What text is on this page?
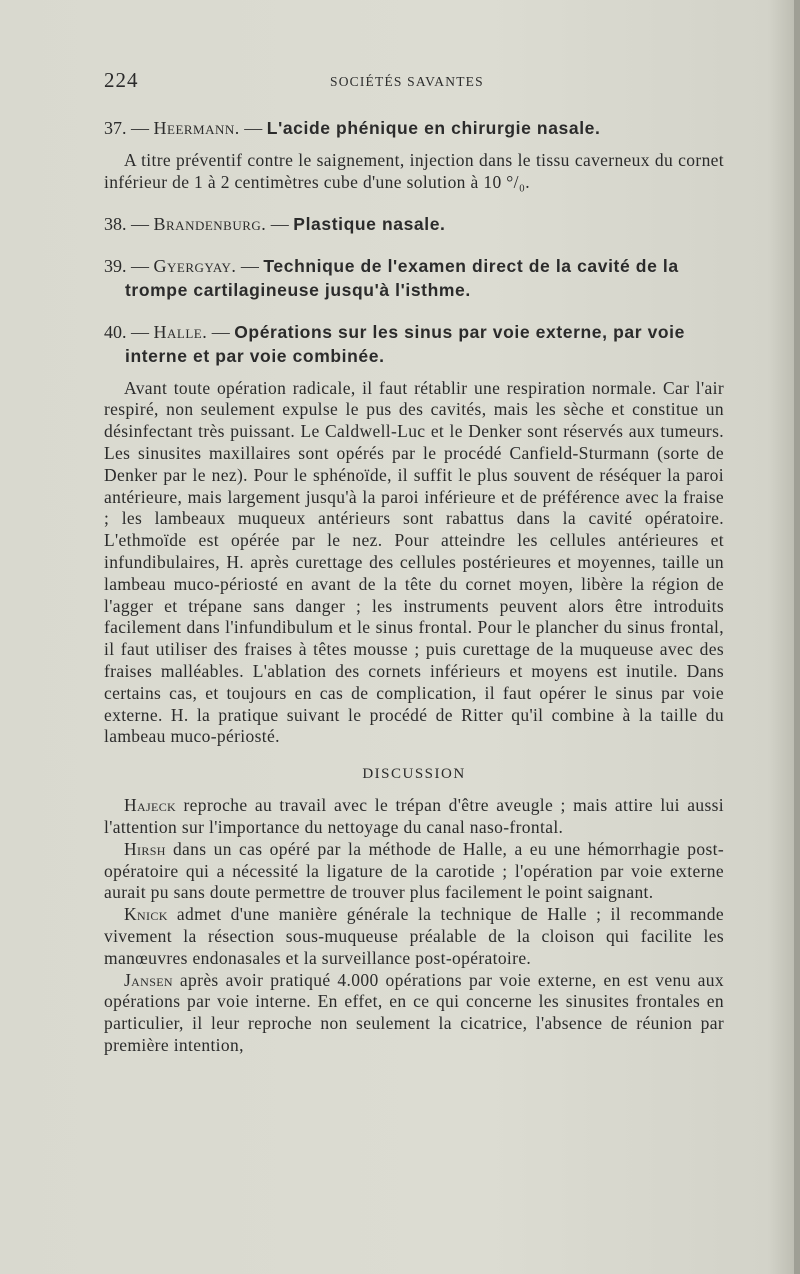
224	SOCIÉTÉS SAVANTES

37. — Heermann. — L'acide phénique en chirurgie nasale.

A titre préventif contre le saignement, injection dans le tissu caverneux du cornet inférieur de 1 à 2 centimètres cube d'une solution à 10 °/₀.

38. — Brandenburg. — Plastique nasale.

39. — Gyergyay. — Technique de l'examen direct de la cavité de la trompe cartilagineuse jusqu'à l'isthme.

40. — Halle. — Opérations sur les sinus par voie externe, par voie interne et par voie combinée.

Avant toute opération radicale, il faut rétablir une respiration normale. Car l'air respiré, non seulement expulse le pus des cavités, mais les sèche et constitue un désinfectant très puissant. Le Caldwell-Luc et le Denker sont réservés aux tumeurs. Les sinusites maxillaires sont opérés par le procédé Canfield-Sturmann (sorte de Denker par le nez). Pour le sphénoïde, il suffit le plus souvent de réséquer la paroi antérieure, mais largement jusqu'à la paroi inférieure et de préférence avec la fraise ; les lambeaux muqueux antérieurs sont rabattus dans la cavité opératoire. L'ethmoïde est opérée par le nez. Pour atteindre les cellules antérieures et infundibulaires, H. après curettage des cellules postérieures et moyennes, taille un lambeau muco-périosté en avant de la tête du cornet moyen, libère la région de l'agger et trépane sans danger ; les instruments peuvent alors être introduits facilement dans l'infundibulum et le sinus frontal. Pour le plancher du sinus frontal, il faut utiliser des fraises à têtes mousse ; puis curettage de la muqueuse avec des fraises malléables. L'ablation des cornets inférieurs et moyens est inutile. Dans certains cas, et toujours en cas de complication, il faut opérer le sinus par voie externe. H. la pratique suivant le procédé de Ritter qu'il combine à la taille du lambeau muco-périosté.

DISCUSSION

Hajeck reproche au travail avec le trépan d'être aveugle ; mais attire lui aussi l'attention sur l'importance du nettoyage du canal naso-frontal.

Hirsh dans un cas opéré par la méthode de Halle, a eu une hémorrhagie post-opératoire qui a nécessité la ligature de la carotide ; l'opération par voie externe aurait pu sans doute permettre de trouver plus facilement le point saignant.

Knick admet d'une manière générale la technique de Halle ; il recommande vivement la résection sous-muqueuse préalable de la cloison qui facilite les manœuvres endonasales et la surveillance post-opératoire.

Jansen après avoir pratiqué 4.000 opérations par voie externe, en est venu aux opérations par voie interne. En effet, en ce qui concerne les sinusites frontales en particulier, il leur reproche non seulement la cicatrice, l'absence de réunion par première intention,
